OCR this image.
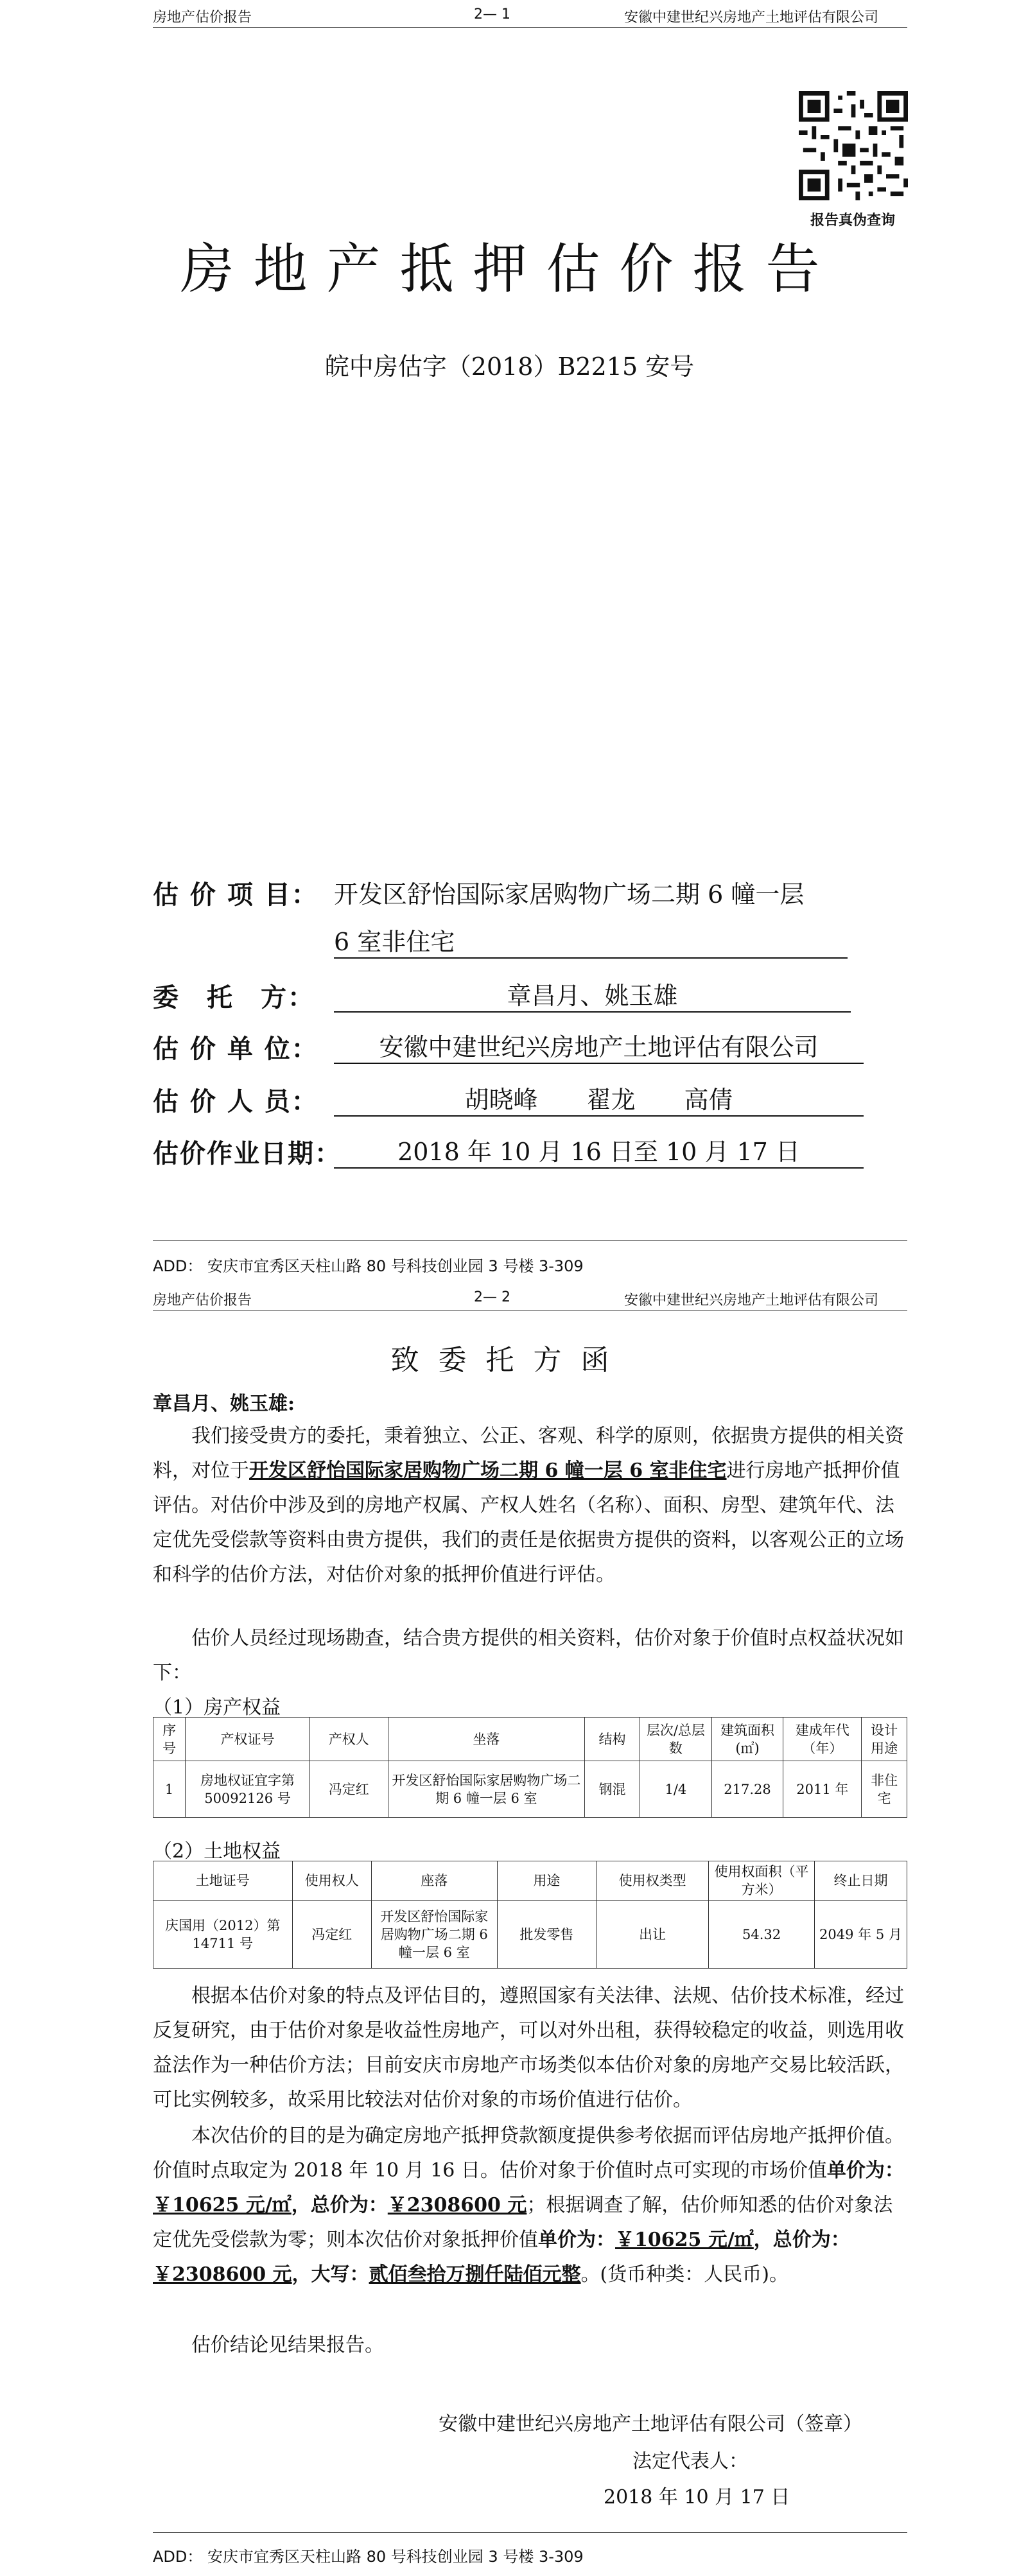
房地产估价报告	2— 1	安徽中建世纪兴房地产土地评估有限公司
报告真伪查询
房地产抵押估价报告
皖中房估字（2018）B2215 安号
估 价 项 目： 开发区舒怡国际家居购物广场二期 6 幢一层
6 室非住宅
委　托　方：	章昌月、姚玉雄
估 价 单 位：	安徽中建世纪兴房地产土地评估有限公司
估 价 人 员：	胡晓峰　　翟龙　　高倩
估价作业日期：	2018 年 10 月 16 日至 10 月 17 日
ADD： 安庆市宜秀区天柱山路 80 号科技创业园 3 号楼 3-309
房地产估价报告	2— 2	安徽中建世纪兴房地产土地评估有限公司
致委托方函
章昌月、姚玉雄:
我们接受贵方的委托，秉着独立、公正、客观、科学的原则，依据贵方提供的相关资料，对位于开发区舒怡国际家居购物广场二期 6 幢一层 6 室非住宅进行房地产抵押价值评估。对估价中涉及到的房地产权属、产权人姓名（名称）、面积、房型、建筑年代、法定优先受偿款等资料由贵方提供，我们的责任是依据贵方提供的资料，以客观公正的立场和科学的估价方法，对估价对象的抵押价值进行评估。
估价人员经过现场勘查，结合贵方提供的相关资料，估价对象于价值时点权益状况如下：
（1）房产权益
序号	产权证号	产权人	坐落	结构	层次/总层数	建筑面积(㎡)	建成年代（年）	设计用途
1	房地权证宜字第 50092126 号	冯定红	开发区舒怡国际家居购物广场二期 6 幢一层 6 室	钢混	1/4	217.28	2011 年	非住宅
（2）土地权益
土地证号	使用权人	座落	用途	使用权类型	使用权面积（平方米）	终止日期
庆国用（2012）第 14711 号	冯定红	开发区舒怡国际家居购物广场二期 6 幢一层 6 室	批发零售	出让	54.32	2049 年 5 月
根据本估价对象的特点及评估目的，遵照国家有关法律、法规、估价技术标准，经过反复研究，由于估价对象是收益性房地产，可以对外出租，获得较稳定的收益，则选用收益法作为一种估价方法；目前安庆市房地产市场类似本估价对象的房地产交易比较活跃，可比实例较多，故采用比较法对估价对象的市场价值进行估价。
本次估价的目的是为确定房地产抵押贷款额度提供参考依据而评估房地产抵押价值。价值时点取定为 2018 年 10 月 16 日。估价对象于价值时点可实现的市场价值单价为：￥10625 元/㎡，总价为：￥2308600 元；根据调查了解，估价师知悉的估价对象法定优先受偿款为零；则本次估价对象抵押价值单价为：￥10625 元/㎡，总价为：￥2308600 元，大写：贰佰叁拾万捌仟陆佰元整。(货币种类：人民币)。
估价结论见结果报告。
安徽中建世纪兴房地产土地评估有限公司（签章）
法定代表人：
2018 年 10 月 17 日
ADD： 安庆市宜秀区天柱山路 80 号科技创业园 3 号楼 3-309
